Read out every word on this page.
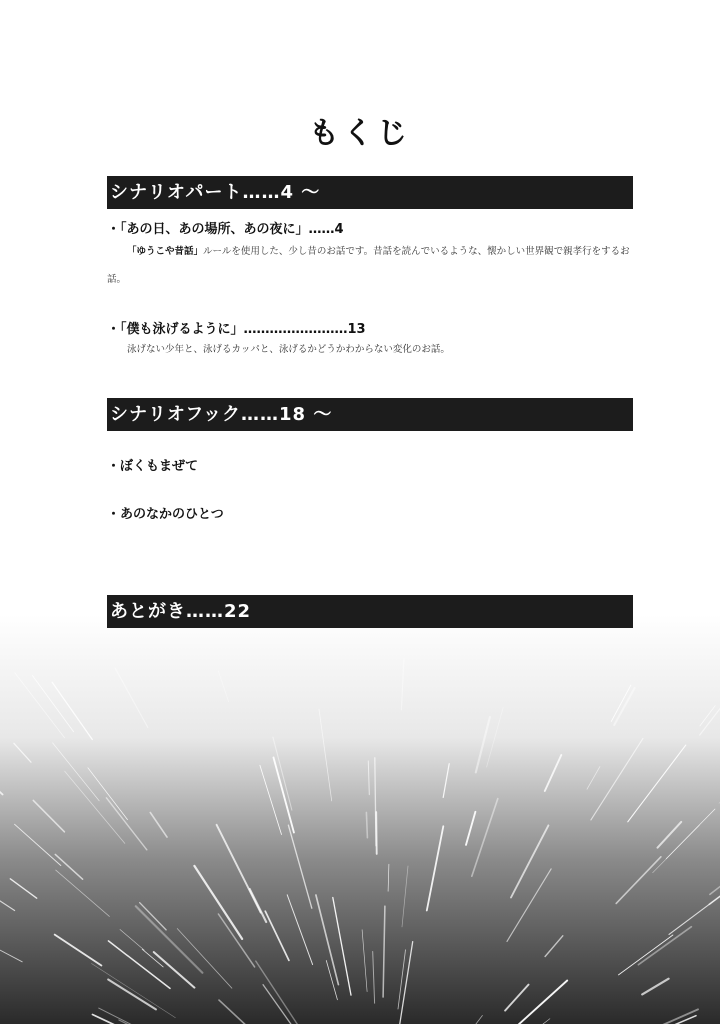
もくじ
シナリオパート……4 〜
・「あの日、あの場所、あの夜に」……4
「ゆうこや昔話」ルールを使用した、少し昔のお話です。昔話を読んでいるような、懐かしい世界観で親孝行をするお話。
・「僕も泳げるように」……………………13
泳げない少年と、泳げるカッパと、泳げるかどうかわからない変化のお話。
シナリオフック……18 〜
・ぼくもまぜて
・あのなかのひとつ
あとがき……22
